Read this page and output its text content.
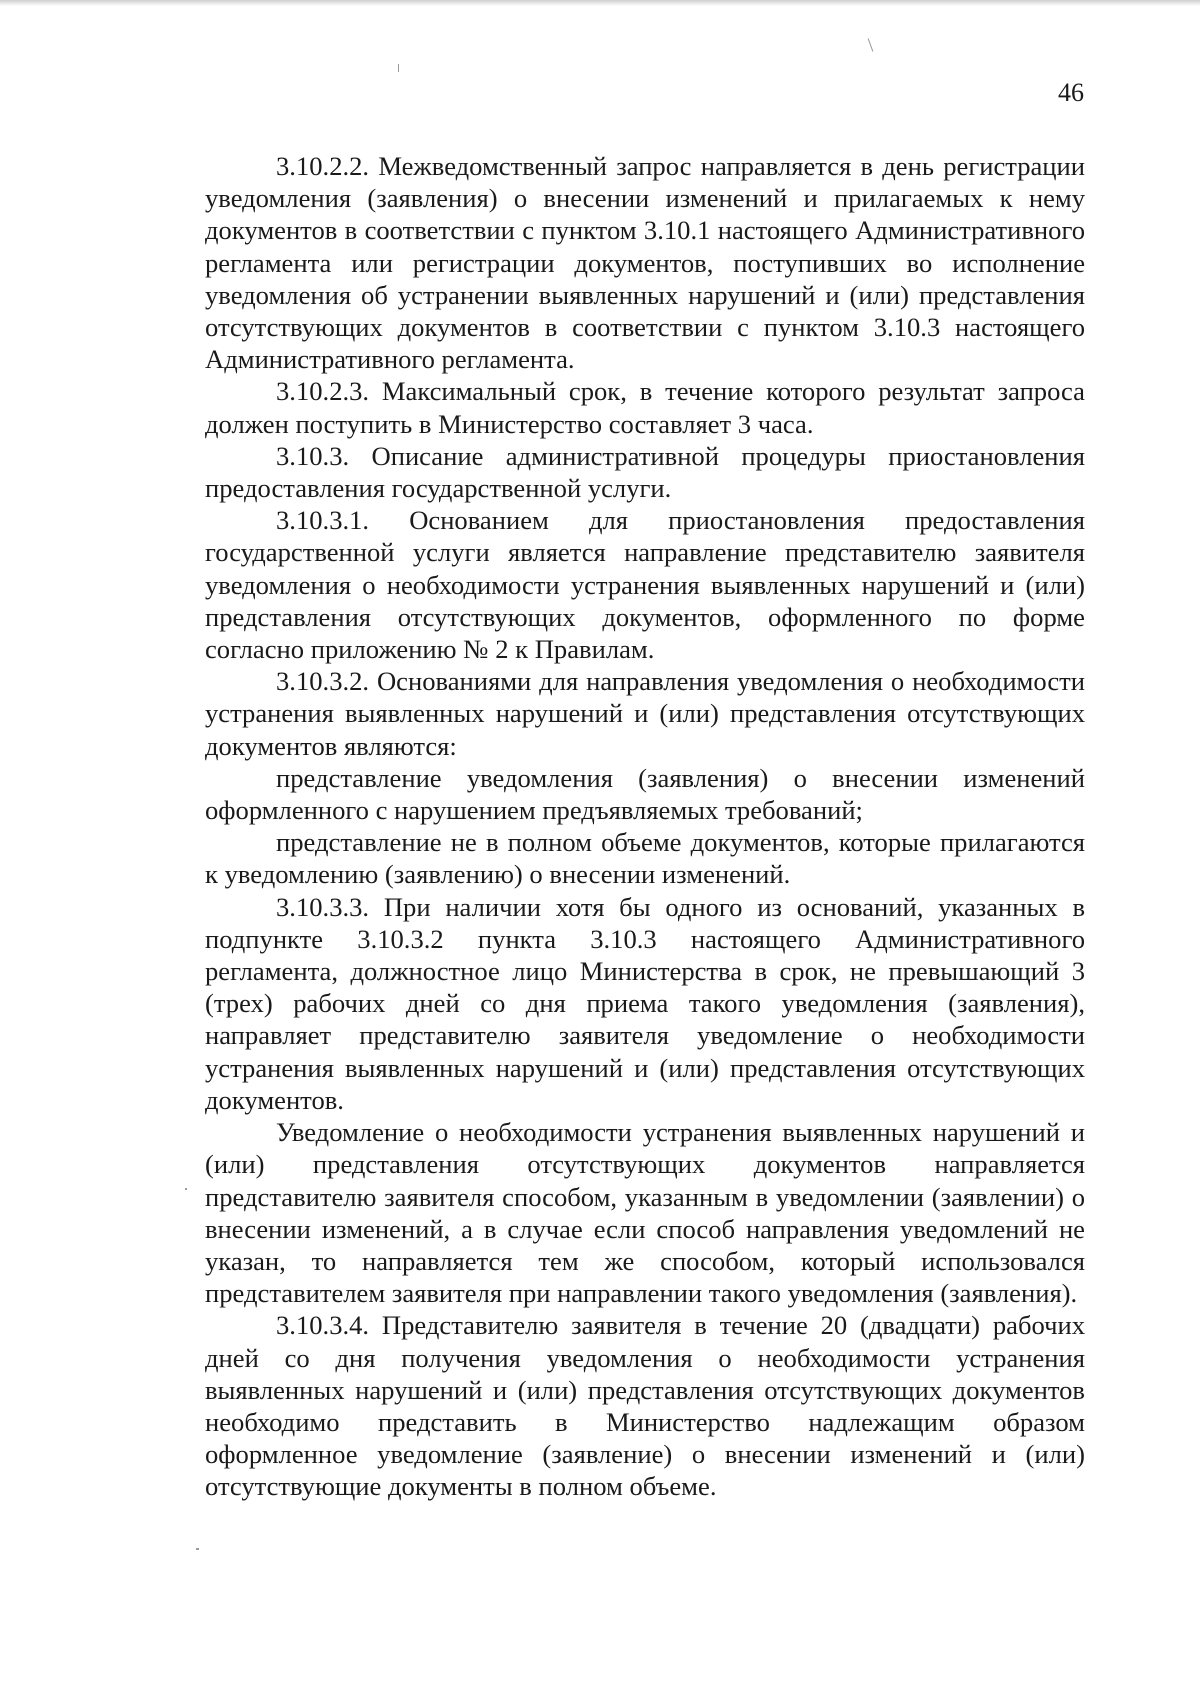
46

3.10.2.2. Межведомственный запрос направляется в день регистрации уведомления (заявления) о внесении изменений и прилагаемых к нему документов в соответствии с пунктом 3.10.1 настоящего Административного регламента или регистрации документов, поступивших во исполнение уведомления об устранении выявленных нарушений и (или) представления отсутствующих документов в соответствии с пунктом 3.10.3 настоящего Административного регламента.

3.10.2.3. Максимальный срок, в течение которого результат запроса должен поступить в Министерство составляет 3 часа.

3.10.3. Описание административной процедуры приостановления предоставления государственной услуги.

3.10.3.1. Основанием для приостановления предоставления государственной услуги является направление представителю заявителя уведомления о необходимости устранения выявленных нарушений и (или) представления отсутствующих документов, оформленного по форме согласно приложению № 2 к Правилам.

3.10.3.2. Основаниями для направления уведомления о необходимости устранения выявленных нарушений и (или) представления отсутствующих документов являются:

представление уведомления (заявления) о внесении изменений оформленного с нарушением предъявляемых требований;

представление не в полном объеме документов, которые прилагаются к уведомлению (заявлению) о внесении изменений.

3.10.3.3. При наличии хотя бы одного из оснований, указанных в подпункте 3.10.3.2 пункта 3.10.3 настоящего Административного регламента, должностное лицо Министерства в срок, не превышающий 3 (трех) рабочих дней со дня приема такого уведомления (заявления), направляет представителю заявителя уведомление о необходимости устранения выявленных нарушений и (или) представления отсутствующих документов.

Уведомление о необходимости устранения выявленных нарушений и (или) представления отсутствующих документов направляется представителю заявителя способом, указанным в уведомлении (заявлении) о внесении изменений, а в случае если способ направления уведомлений не указан, то направляется тем же способом, который использовался представителем заявителя при направлении такого уведомления (заявления).

3.10.3.4. Представителю заявителя в течение 20 (двадцати) рабочих дней со дня получения уведомления о необходимости устранения выявленных нарушений и (или) представления отсутствующих документов необходимо представить в Министерство надлежащим образом оформленное уведомление (заявление) о внесении изменений и (или) отсутствующие документы в полном объеме.
